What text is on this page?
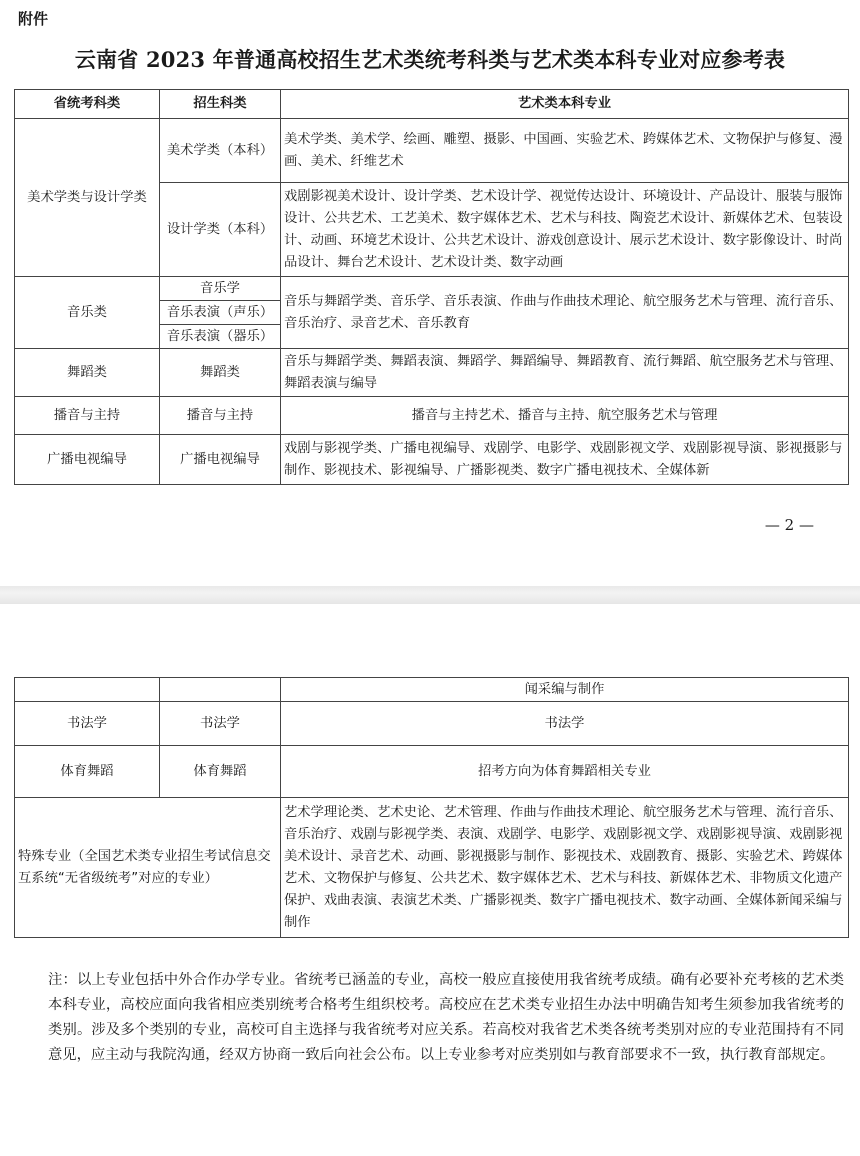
附件
云南省 2023 年普通高校招生艺术类统考科类与艺术类本科专业对应参考表
省统考科类	招生科类	艺术类本科专业
美术学类与设计学类	美术学类（本科）	美术学类、美术学、绘画、雕塑、摄影、中国画、实验艺术、跨媒体艺术、文物保护与修复、漫画、美术、纤维艺术
	设计学类（本科）	戏剧影视美术设计、设计学类、艺术设计学、视觉传达设计、环境设计、产品设计、服装与服饰设计、公共艺术、工艺美术、数字媒体艺术、艺术与科技、陶瓷艺术设计、新媒体艺术、包装设计、动画、环境艺术设计、公共艺术设计、游戏创意设计、展示艺术设计、数字影像设计、时尚品设计、舞台艺术设计、艺术设计类、数字动画
音乐类	音乐学	音乐与舞蹈学类、音乐学、音乐表演、作曲与作曲技术理论、航空服务艺术与管理、流行音乐、音乐治疗、录音艺术、音乐教育
	音乐表演（声乐）	
	音乐表演（器乐）	
舞蹈类	舞蹈类	音乐与舞蹈学类、舞蹈表演、舞蹈学、舞蹈编导、舞蹈教育、流行舞蹈、航空服务艺术与管理、舞蹈表演与编导
播音与主持	播音与主持	播音与主持艺术、播音与主持、航空服务艺术与管理
广播电视编导	广播电视编导	戏剧与影视学类、广播电视编导、戏剧学、电影学、戏剧影视文学、戏剧影视导演、影视摄影与制作、影视技术、影视编导、广播影视类、数字广播电视技术、全媒体新
— 2 —
		闻采编与制作
书法学	书法学	书法学
体育舞蹈	体育舞蹈	招考方向为体育舞蹈相关专业
特殊专业（全国艺术类专业招生考试信息交互系统“无省级统考”对应的专业）		艺术学理论类、艺术史论、艺术管理、作曲与作曲技术理论、航空服务艺术与管理、流行音乐、音乐治疗、戏剧与影视学类、表演、戏剧学、电影学、戏剧影视文学、戏剧影视导演、戏剧影视美术设计、录音艺术、动画、影视摄影与制作、影视技术、戏剧教育、摄影、实验艺术、跨媒体艺术、文物保护与修复、公共艺术、数字媒体艺术、艺术与科技、新媒体艺术、非物质文化遗产保护、戏曲表演、表演艺术类、广播影视类、数字广播电视技术、数字动画、全媒体新闻采编与制作
注：以上专业包括中外合作办学专业。省统考已涵盖的专业，高校一般应直接使用我省统考成绩。确有必要补充考核的艺术类本科专业，高校应面向我省相应类别统考合格考生组织校考。高校应在艺术类专业招生办法中明确告知考生须参加我省统考的类别。涉及多个类别的专业，高校可自主选择与我省统考对应关系。若高校对我省艺术类各统考类别对应的专业范围持有不同意见，应主动与我院沟通，经双方协商一致后向社会公布。以上专业参考对应类别如与教育部要求不一致，执行教育部规定。
